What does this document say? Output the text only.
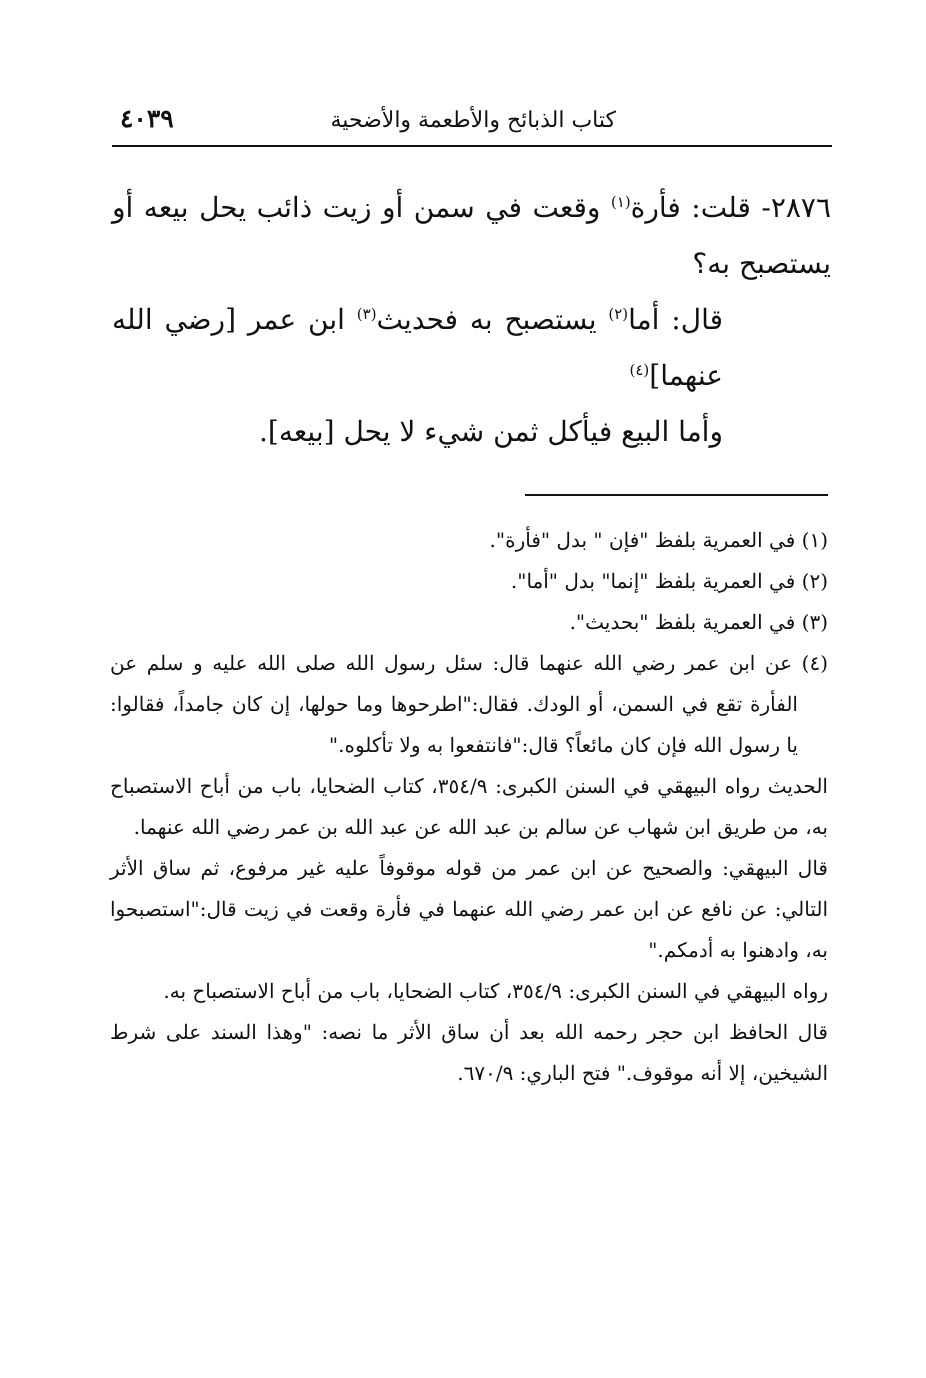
كتاب الذبائح والأطعمة والأضحية
٤٠٣٩

٢٨٧٦- قلت: فأرة$^{(١)}$ وقعت في سمن أو زيت ذائب يحل بيعه أو يستصبح به؟

قال: أما$^{(٢)}$ يستصبح به فحديث$^{(٣)}$ ابن عمر [رضي الله عنهما]$^{(٤)}$

وأما البيع فيأكل ثمن شيء لا يحل [بيعه].

(١) في العمرية بلفظ "فإن " بدل "فأرة".

(٢) في العمرية بلفظ "إنما" بدل "أما".

(٣) في العمرية بلفظ "بحديث".

(٤) عن ابن عمر رضي الله عنهما قال: سئل رسول الله صلى الله عليه و سلم عن الفأرة تقع في السمن، أو الودك. فقال:"اطرحوها وما حولها، إن كان جامداً، فقالوا: يا رسول الله فإن كان مائعاً؟ قال:"فانتفعوا به ولا تأكلوه."

الحديث رواه البيهقي في السنن الكبرى: ٣٥٤/٩، كتاب الضحايا، باب من أباح الاستصباح به، من طريق ابن شهاب عن سالم بن عبد الله عن عبد الله بن عمر رضي الله عنهما.

قال البيهقي: والصحيح عن ابن عمر من قوله موقوفاً عليه غير مرفوع، ثم ساق الأثر التالي: عن نافع عن ابن عمر رضي الله عنهما في فأرة وقعت في زيت قال:"استصبحوا به، وادهنوا به أدمكم."

رواه البيهقي في السنن الكبرى: ٣٥٤/٩، كتاب الضحايا، باب من أباح الاستصباح به.

قال الحافظ ابن حجر رحمه الله بعد أن ساق الأثر ما نصه: "وهذا السند على شرط الشيخين، إلا أنه موقوف." فتح الباري: ٦٧٠/٩.
